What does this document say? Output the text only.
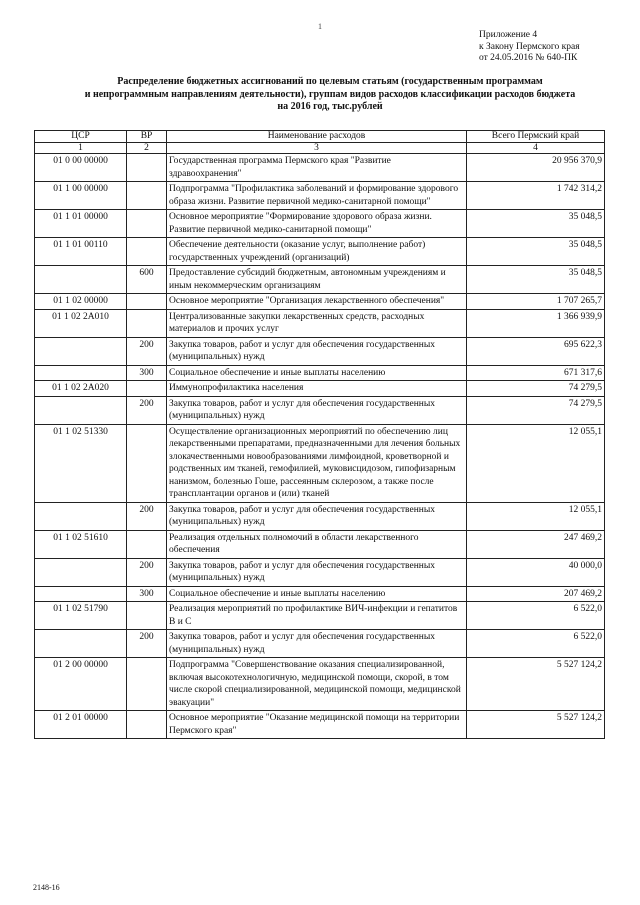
1
Приложение 4
к Закону Пермского края
от 24.05.2016 № 640-ПК
Распределение бюджетных ассигнований по целевым статьям (государственным программам
и непрограммным направлениям деятельности), группам видов расходов классификации расходов бюджета
на 2016 год, тыс.рублей
ЦСР	ВР	Наименование расходов	Всего Пермский край
1	2	3	4
01 0 00 00000		Государственная программа Пермского края "Развитие здравоохранения"	20 956 370,9
01 1 00 00000		Подпрограмма "Профилактика заболеваний и формирование здорового образа жизни. Развитие первичной медико-санитарной помощи"	1 742 314,2
01 1 01 00000		Основное мероприятие "Формирование здорового образа жизни. Развитие первичной медико-санитарной помощи"	35 048,5
01 1 01 00110		Обеспечение деятельности (оказание услуг, выполнение работ) государственных учреждений (организаций)	35 048,5
	600	Предоставление субсидий бюджетным, автономным учреждениям и иным некоммерческим организациям	35 048,5
01 1 02 00000		Основное мероприятие "Организация лекарственного обеспечения"	1 707 265,7
01 1 02 2A010		Централизованные закупки лекарственных средств, расходных материалов и прочих услуг	1 366 939,9
	200	Закупка товаров, работ и услуг для обеспечения государственных (муниципальных) нужд	695 622,3
	300	Социальное обеспечение и иные выплаты населению	671 317,6
01 1 02 2A020		Иммунопрофилактика населения	74 279,5
	200	Закупка товаров, работ и услуг для обеспечения государственных (муниципальных) нужд	74 279,5
01 1 02 51330		Осуществление организационных мероприятий по обеспечению лиц лекарственными препаратами, предназначенными для лечения больных злокачественными новообразованиями лимфоидной, кроветворной и родственных им тканей, гемофилией, муковисцидозом, гипофизарным нанизмом, болезнью Гоше, рассеянным склерозом, а также после трансплантации органов и (или) тканей	12 055,1
	200	Закупка товаров, работ и услуг для обеспечения государственных (муниципальных) нужд	12 055,1
01 1 02 51610		Реализация отдельных полномочий в области лекарственного обеспечения	247 469,2
	200	Закупка товаров, работ и услуг для обеспечения государственных (муниципальных) нужд	40 000,0
	300	Социальное обеспечение и иные выплаты населению	207 469,2
01 1 02 51790		Реализация мероприятий по профилактике ВИЧ-инфекции и гепатитов В и С	6 522,0
	200	Закупка товаров, работ и услуг для обеспечения государственных (муниципальных) нужд	6 522,0
01 2 00 00000		Подпрограмма "Совершенствование оказания специализированной, включая высокотехнологичную, медицинской помощи, скорой, в том числе скорой специализированной, медицинской помощи, медицинской эвакуации"	5 527 124,2
01 2 01 00000		Основное мероприятие "Оказание медицинской помощи на территории Пермского края"	5 527 124,2
2148-16
